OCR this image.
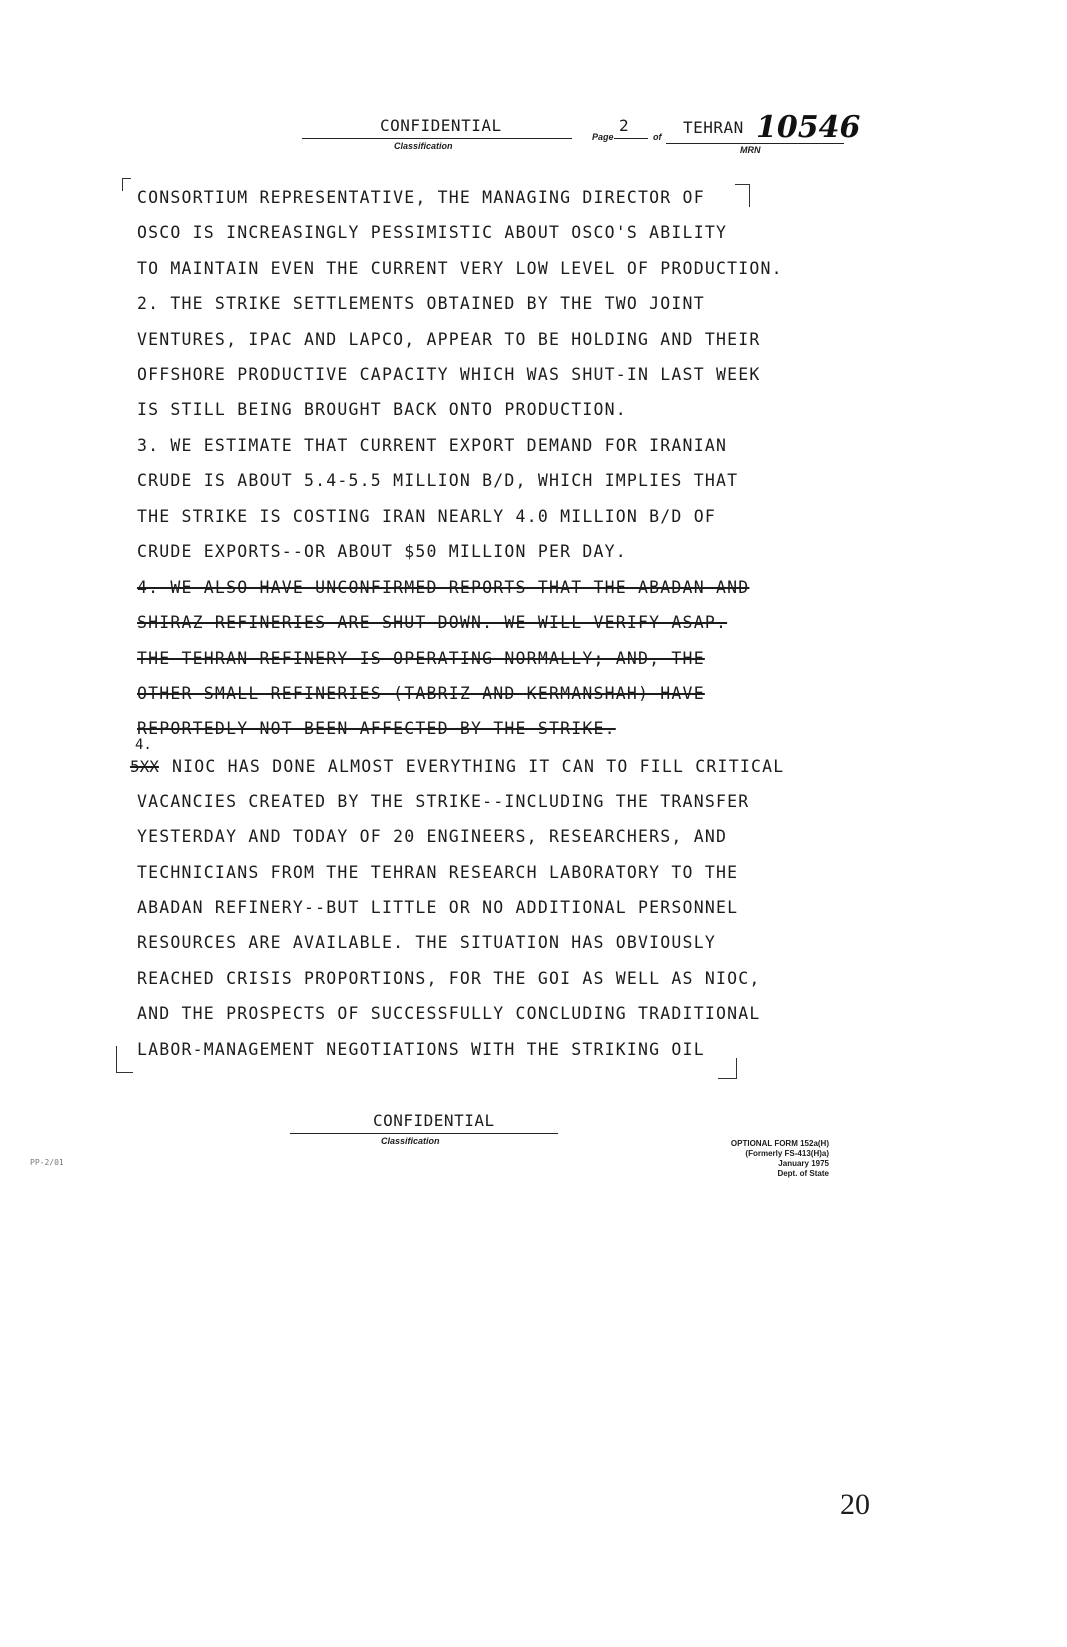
CONFIDENTIAL
Classification
Page
2
of TEHRAN 10546
MRN
CONSORTIUM REPRESENTATIVE, THE MANAGING DIRECTOR OF
OSCO IS INCREASINGLY PESSIMISTIC ABOUT OSCO'S ABILITY
TO MAINTAIN EVEN THE CURRENT VERY LOW LEVEL OF PRODUCTION.
2. THE STRIKE SETTLEMENTS OBTAINED BY THE TWO JOINT
VENTURES, IPAC AND LAPCO, APPEAR TO BE HOLDING AND THEIR
OFFSHORE PRODUCTIVE CAPACITY WHICH WAS SHUT-IN LAST WEEK
IS STILL BEING BROUGHT BACK ONTO PRODUCTION.
3. WE ESTIMATE THAT CURRENT EXPORT DEMAND FOR IRANIAN
CRUDE IS ABOUT 5.4-5.5 MILLION B/D, WHICH IMPLIES THAT
THE STRIKE IS COSTING IRAN NEARLY 4.0 MILLION B/D OF
CRUDE EXPORTS--OR ABOUT $50 MILLION PER DAY.
4. WE ALSO HAVE UNCONFIRMED REPORTS THAT THE ABADAN AND
SHIRAZ REFINERIES ARE SHUT DOWN. WE WILL VERIFY ASAP.
THE TEHRAN REFINERY IS OPERATING NORMALLY; AND, THE
OTHER SMALL REFINERIES (TABRIZ AND KERMANSHAH) HAVE
REPORTEDLY NOT BEEN AFFECTED BY THE STRIKE.
4.
5XX NIOC HAS DONE ALMOST EVERYTHING IT CAN TO FILL CRITICAL
VACANCIES CREATED BY THE STRIKE--INCLUDING THE TRANSFER
YESTERDAY AND TODAY OF 20 ENGINEERS, RESEARCHERS, AND
TECHNICIANS FROM THE TEHRAN RESEARCH LABORATORY TO THE
ABADAN REFINERY--BUT LITTLE OR NO ADDITIONAL PERSONNEL
RESOURCES ARE AVAILABLE. THE SITUATION HAS OBVIOUSLY
REACHED CRISIS PROPORTIONS, FOR THE GOI AS WELL AS NIOC,
AND THE PROSPECTS OF SUCCESSFULLY CONCLUDING TRADITIONAL
LABOR-MANAGEMENT NEGOTIATIONS WITH THE STRIKING OIL
CONFIDENTIAL
Classification	OPTIONAL FORM 152a(H)
(Formerly FS-413(H)a)
January 1975
Dept. of State
PP-2/01
20
